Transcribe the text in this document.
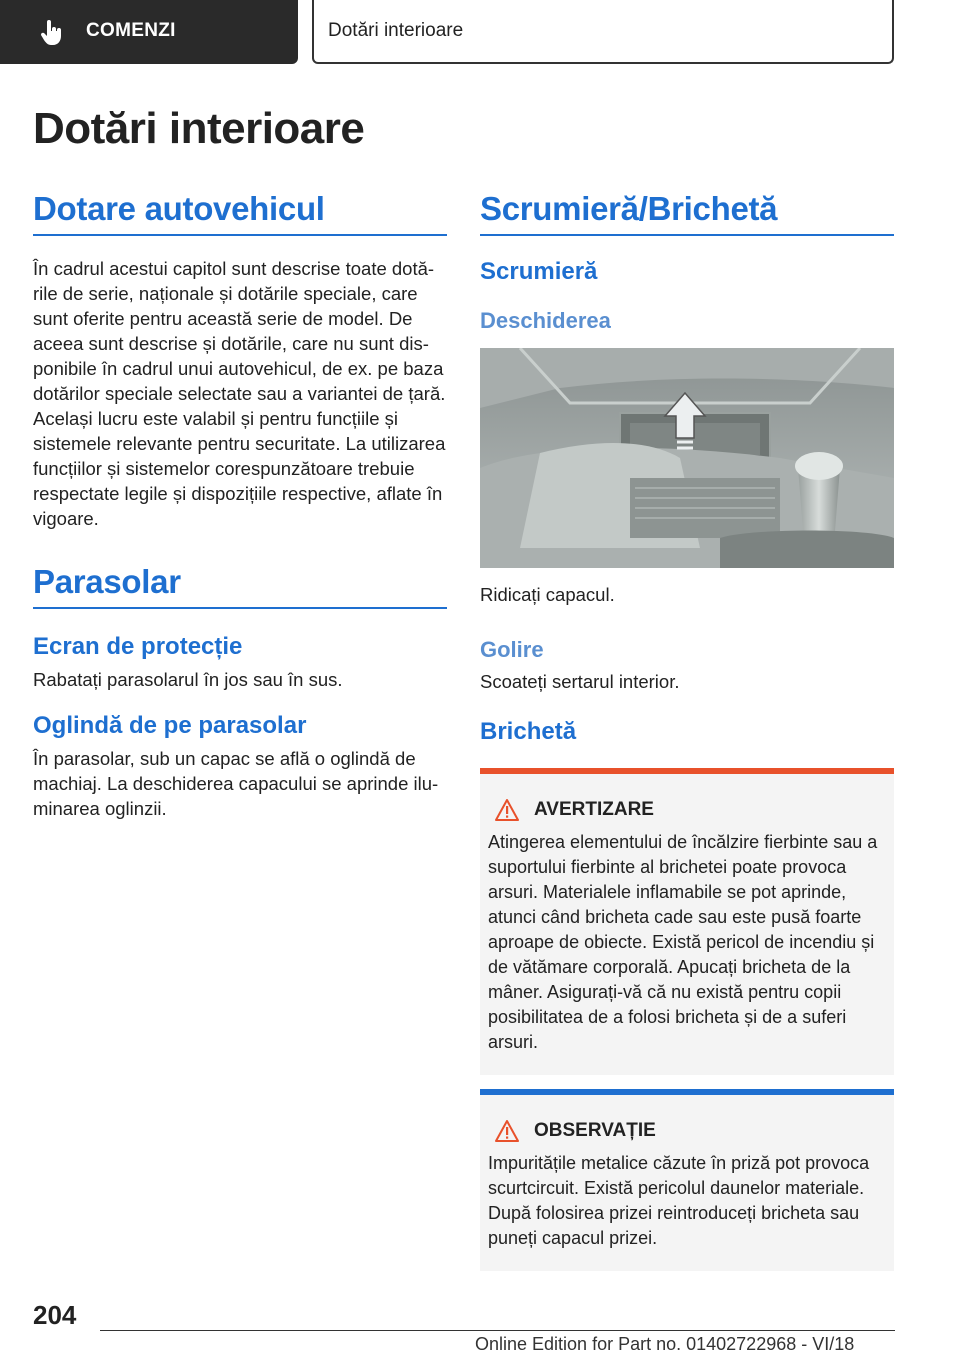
COMENZI	Dotări interioare
Dotări interioare
Dotare autovehicul

În cadrul acestui capitol sunt descrise toate dotările de serie, naționale și dotările speciale, care sunt oferite pentru această serie de model. De aceea sunt descrise și dotările, care nu sunt disponibile în cadrul unui autovehicul, de ex. pe baza dotărilor speciale selectate sau a variantei de țară. Același lucru este valabil și pentru funcțiile și sistemele relevante pentru securitate. La utilizarea funcțiilor și sistemelor corespunzătoare trebuie respectate legile și dispozițiile respective, aflate în vigoare.

Parasolar
Ecran de protecție

Rabatați parasolarul în jos sau în sus.

Oglindă de pe parasolar

În parasolar, sub un capac se află o oglindă de machiaj. La deschiderea capacului se aprinde iluminarea oglinzii.

Scrumieră/Brichetă
Scrumieră
Deschiderea

Ridicați capacul.

Golire

Scoateți sertarul interior.

Brichetă
AVERTIZARE

Atingerea elementului de încălzire fierbinte sau a suportului fierbinte al brichetei poate provoca arsuri. Materialele inflamabile se pot aprinde, atunci când bricheta cade sau este pusă foarte aproape de obiecte. Există pericol de incendiu și de vătămare corporală. Apucați bricheta de la mâner. Asigurați-vă că nu există pentru copii posibilitatea de a folosi bricheta și de a suferi arsuri.

OBSERVAȚIE

Impuritățile metalice căzute în priză pot provoca scurtcircuit. Există pericolul daunelor materiale. După folosirea prizei reintroduceți bricheta sau puneți capacul prizei.

204
Online Edition for Part no. 01402722968 - VI/18
